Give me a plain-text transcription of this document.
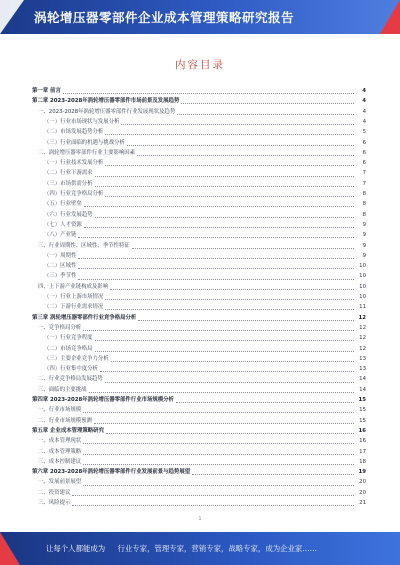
涡轮增压器零部件企业成本管理策略研究报告
内容目录
第一章 前言	4
第二章 2023-2028年涡轮增压器零部件市场前景及发展趋势	4
一、2023-2028年涡轮增压器零部件行业发展现状及趋势	4
（一）行业市场现状与发展分析	4
（二）市场发展趋势分析	5
（三）行业面临的机遇与挑战分析	6
二、涡轮增压器零部件行业主要影响因素	6
（一）行业技术发展分析	6
（二）行业下游需求	7
（三）市场供需分析	7
（四）行业竞争格局分析	8
（五）行业壁垒	8
（六）行业发展趋势	8
（七）人才资源	9
（八）产业链	9
三、行业周期性、区域性、季节性特征	9
（一）周期性	9
（二）区域性	10
（三）季节性	10
四、上下游产业链构成及影响	10
（一）行业上游市场情况	10
（二）下游行业需求情况	11
第三章 涡轮增压器零部件行业竞争格局分析	12
一、竞争格局分析	12
（一）行业竞争程度	12
（二）市场竞争格局	12
（三）主要企业竞争力分析	13
（四）行业集中度分析	13
二、行业竞争格局发展趋势	14
三、面临的主要挑战	14
第四章 2023-2028年涡轮增压器零部件行业市场规模分析	15
一、行业市场规模	15
二、行业市场规模预测	15
第五章 企业成本管理策略研究	16
一、成本管理现状	16
二、成本管理策略	17
三、成本控制建议	18
第六章 2023-2028年涡轮增压器零部件行业发展前景与趋势展望	19
一、发展前景展望	20
二、投资建议	20
三、风险提示	21
1
让每个人都能成为 行业专家，管理专家，营销专家，战略专家，成为企业家……
